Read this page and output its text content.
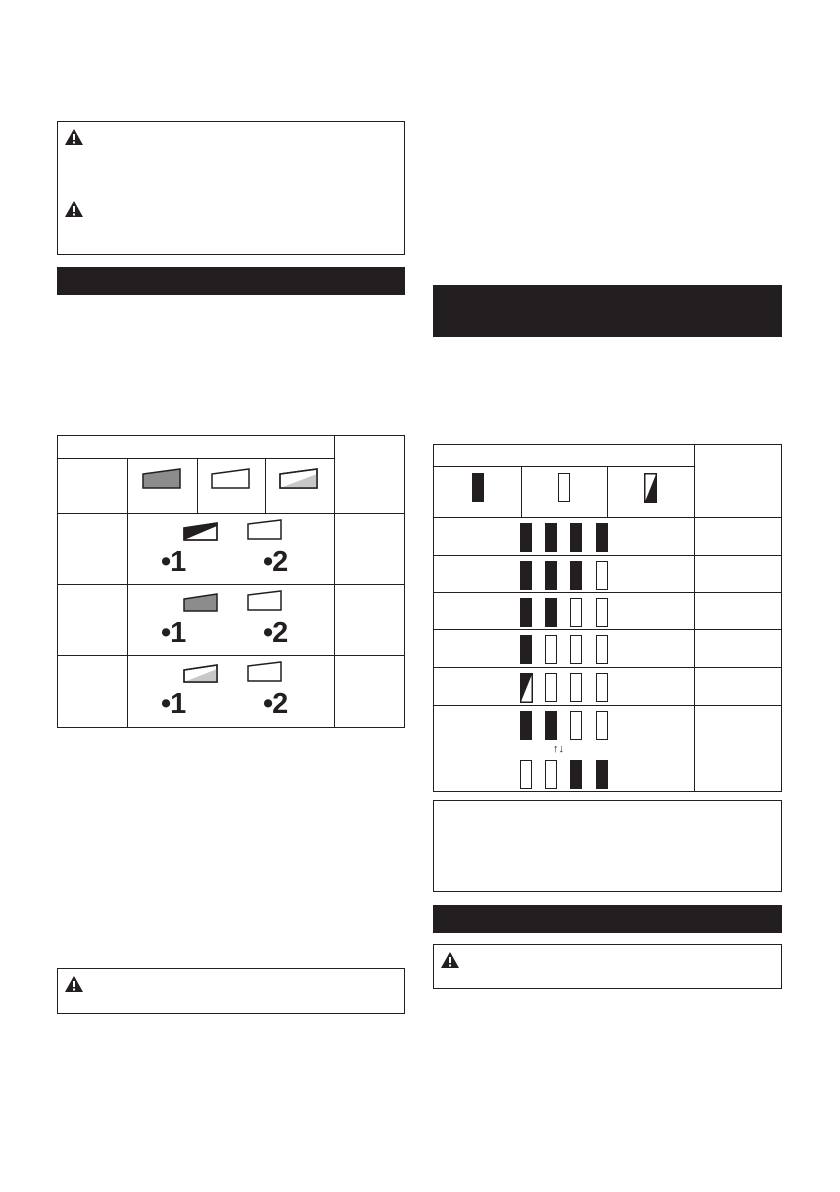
•1	•2
•1	•2
•1	•2
↑↓
